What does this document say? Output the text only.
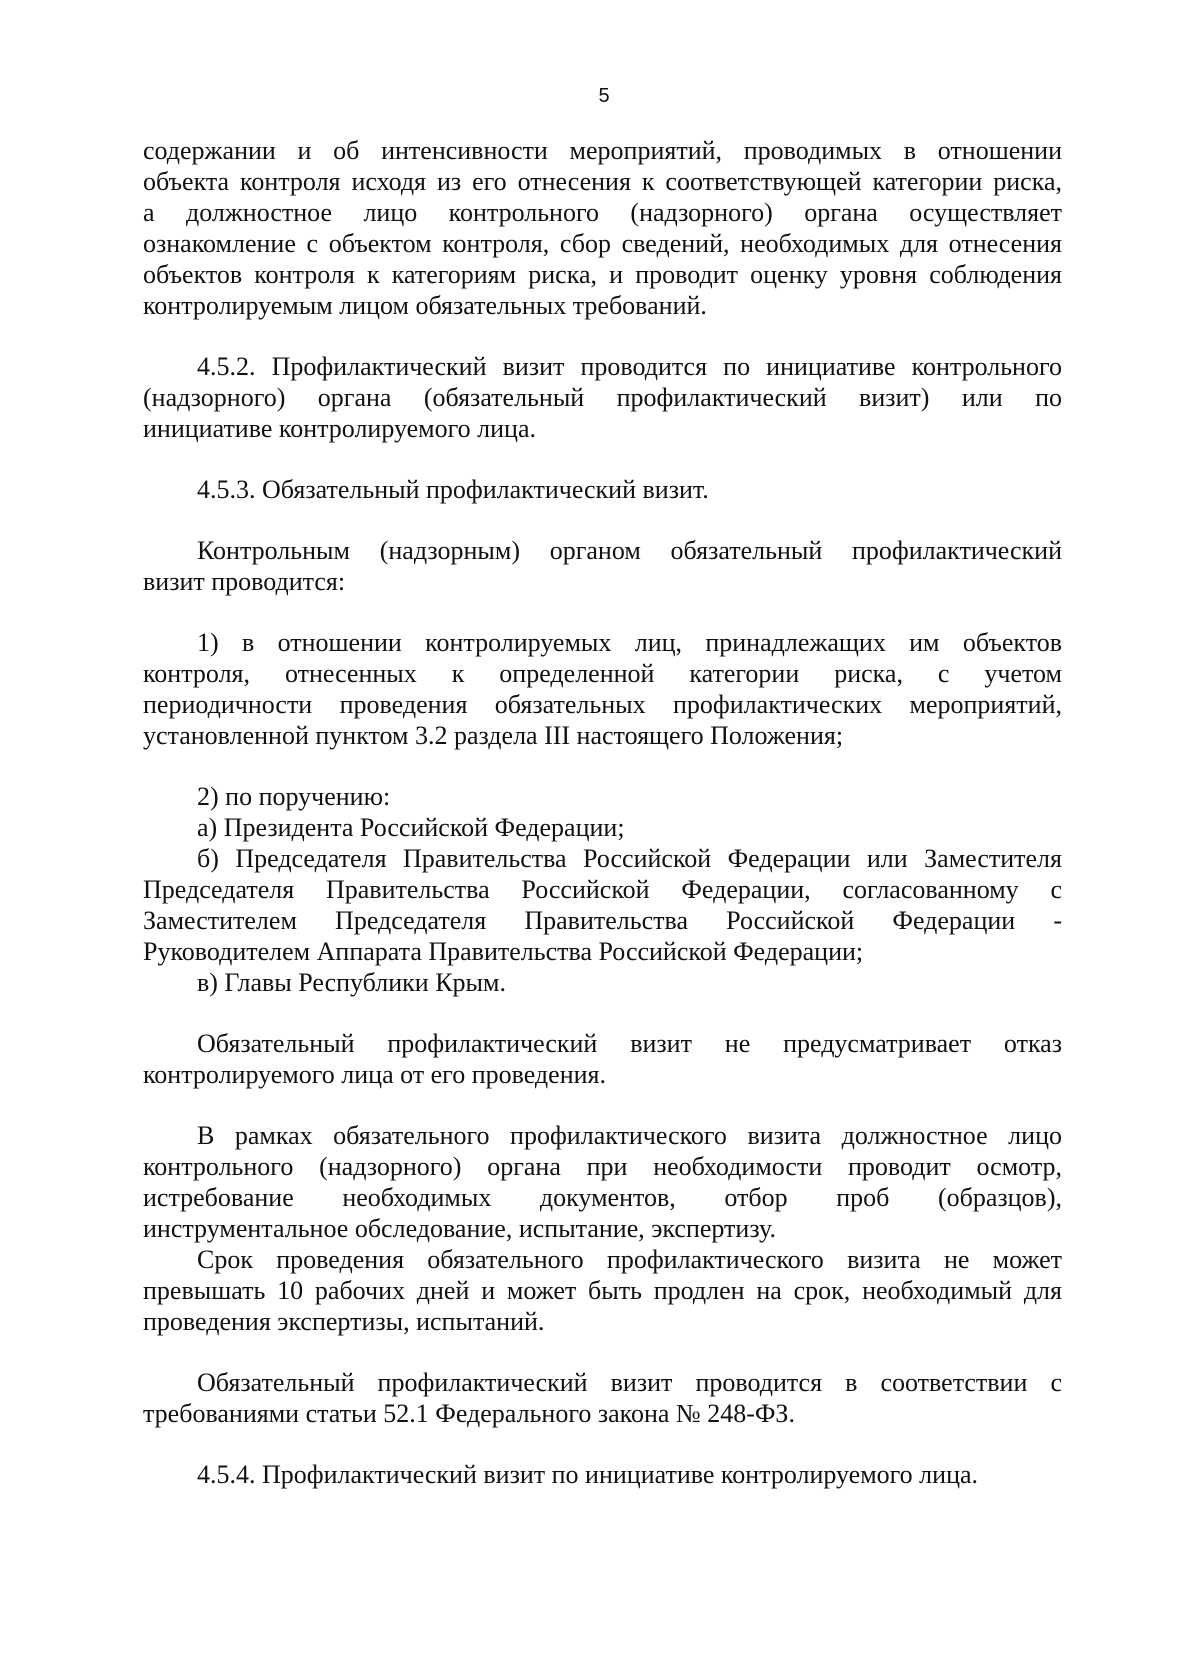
5
содержании и об интенсивности мероприятий, проводимых в отношении
объекта контроля исходя из его отнесения к соответствующей категории риска,
а должностное лицо контрольного (надзорного) органа осуществляет
ознакомление с объектом контроля, сбор сведений, необходимых для отнесения
объектов контроля к категориям риска, и проводит оценку уровня соблюдения
контролируемым лицом обязательных требований.
4.5.2. Профилактический визит проводится по инициативе контрольного
(надзорного) органа (обязательный профилактический визит) или по
инициативе контролируемого лица.
4.5.3. Обязательный профилактический визит.
Контрольным (надзорным) органом обязательный профилактический
визит проводится:
1) в отношении контролируемых лиц, принадлежащих им объектов
контроля, отнесенных к определенной категории риска, с учетом
периодичности проведения обязательных профилактических мероприятий,
установленной пунктом 3.2 раздела III настоящего Положения;
2) по поручению:
а) Президента Российской Федерации;
б) Председателя Правительства Российской Федерации или Заместителя
Председателя Правительства Российской Федерации, согласованному с
Заместителем Председателя Правительства Российской Федерации -
Руководителем Аппарата Правительства Российской Федерации;
в) Главы Республики Крым.
Обязательный профилактический визит не предусматривает отказ
контролируемого лица от его проведения.
В рамках обязательного профилактического визита должностное лицо
контрольного (надзорного) органа при необходимости проводит осмотр,
истребование необходимых документов, отбор проб (образцов),
инструментальное обследование, испытание, экспертизу.
Срок проведения обязательного профилактического визита не может
превышать 10 рабочих дней и может быть продлен на срок, необходимый для
проведения экспертизы, испытаний.
Обязательный профилактический визит проводится в соответствии с
требованиями статьи 52.1 Федерального закона № 248-ФЗ.
4.5.4. Профилактический визит по инициативе контролируемого лица.
